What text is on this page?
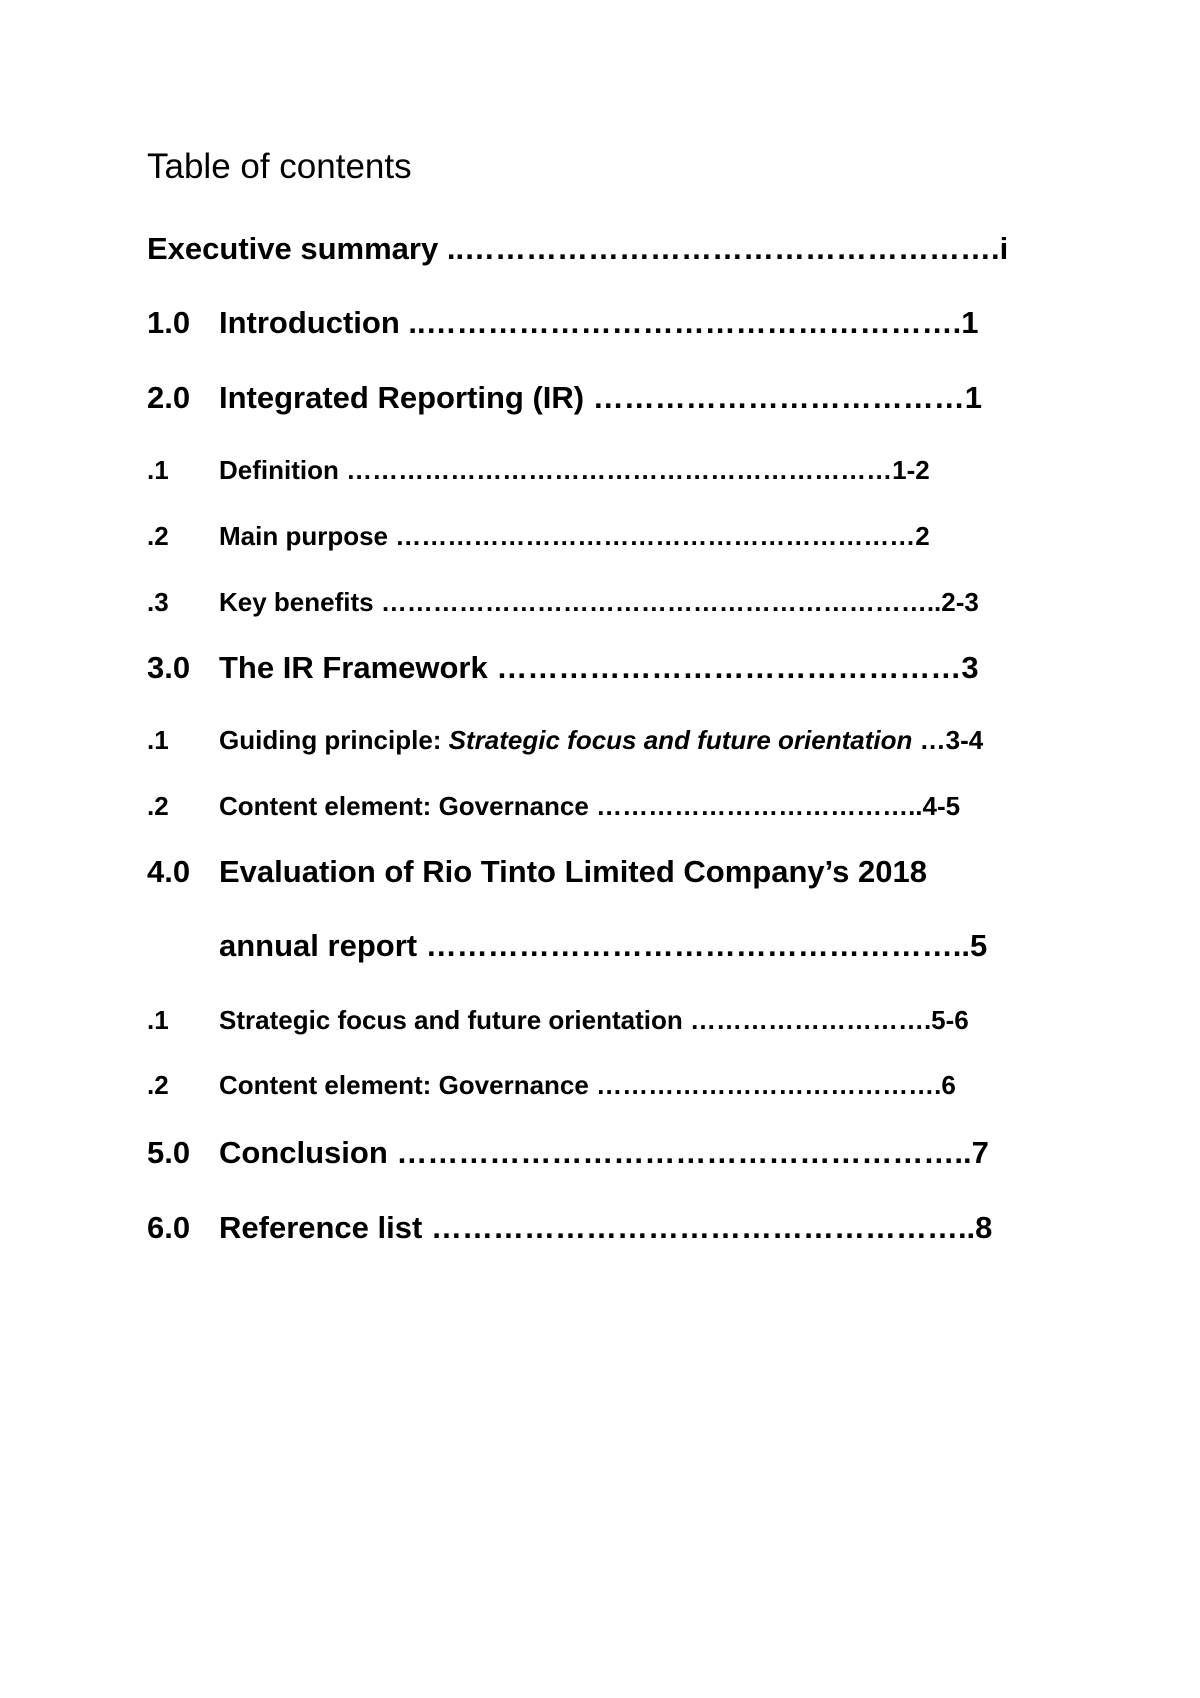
Table of contents
Executive summary ..…………………………………………….i
1.0 Introduction ..…………………………………………….1
2.0 Integrated Reporting (IR) ………………………………1
.1 Definition ………………………………………………………1-2
.2 Main purpose ……………………………………………………2
.3 Key benefits ………………………………………………………..2-3
3.0 The IR Framework ………………………………………3
.1 Guiding principle: Strategic focus and future orientation …3-4
.2 Content element: Governance ………………………………..4-5
4.0 Evaluation of Rio Tinto Limited Company’s 2018
annual report ……………………………………………..5
.1 Strategic focus and future orientation ……………………….5-6
.2 Content element: Governance ………………………………….6
5.0 Conclusion ………………………………………………..7
6.0 Reference list ……………………………………………..8
